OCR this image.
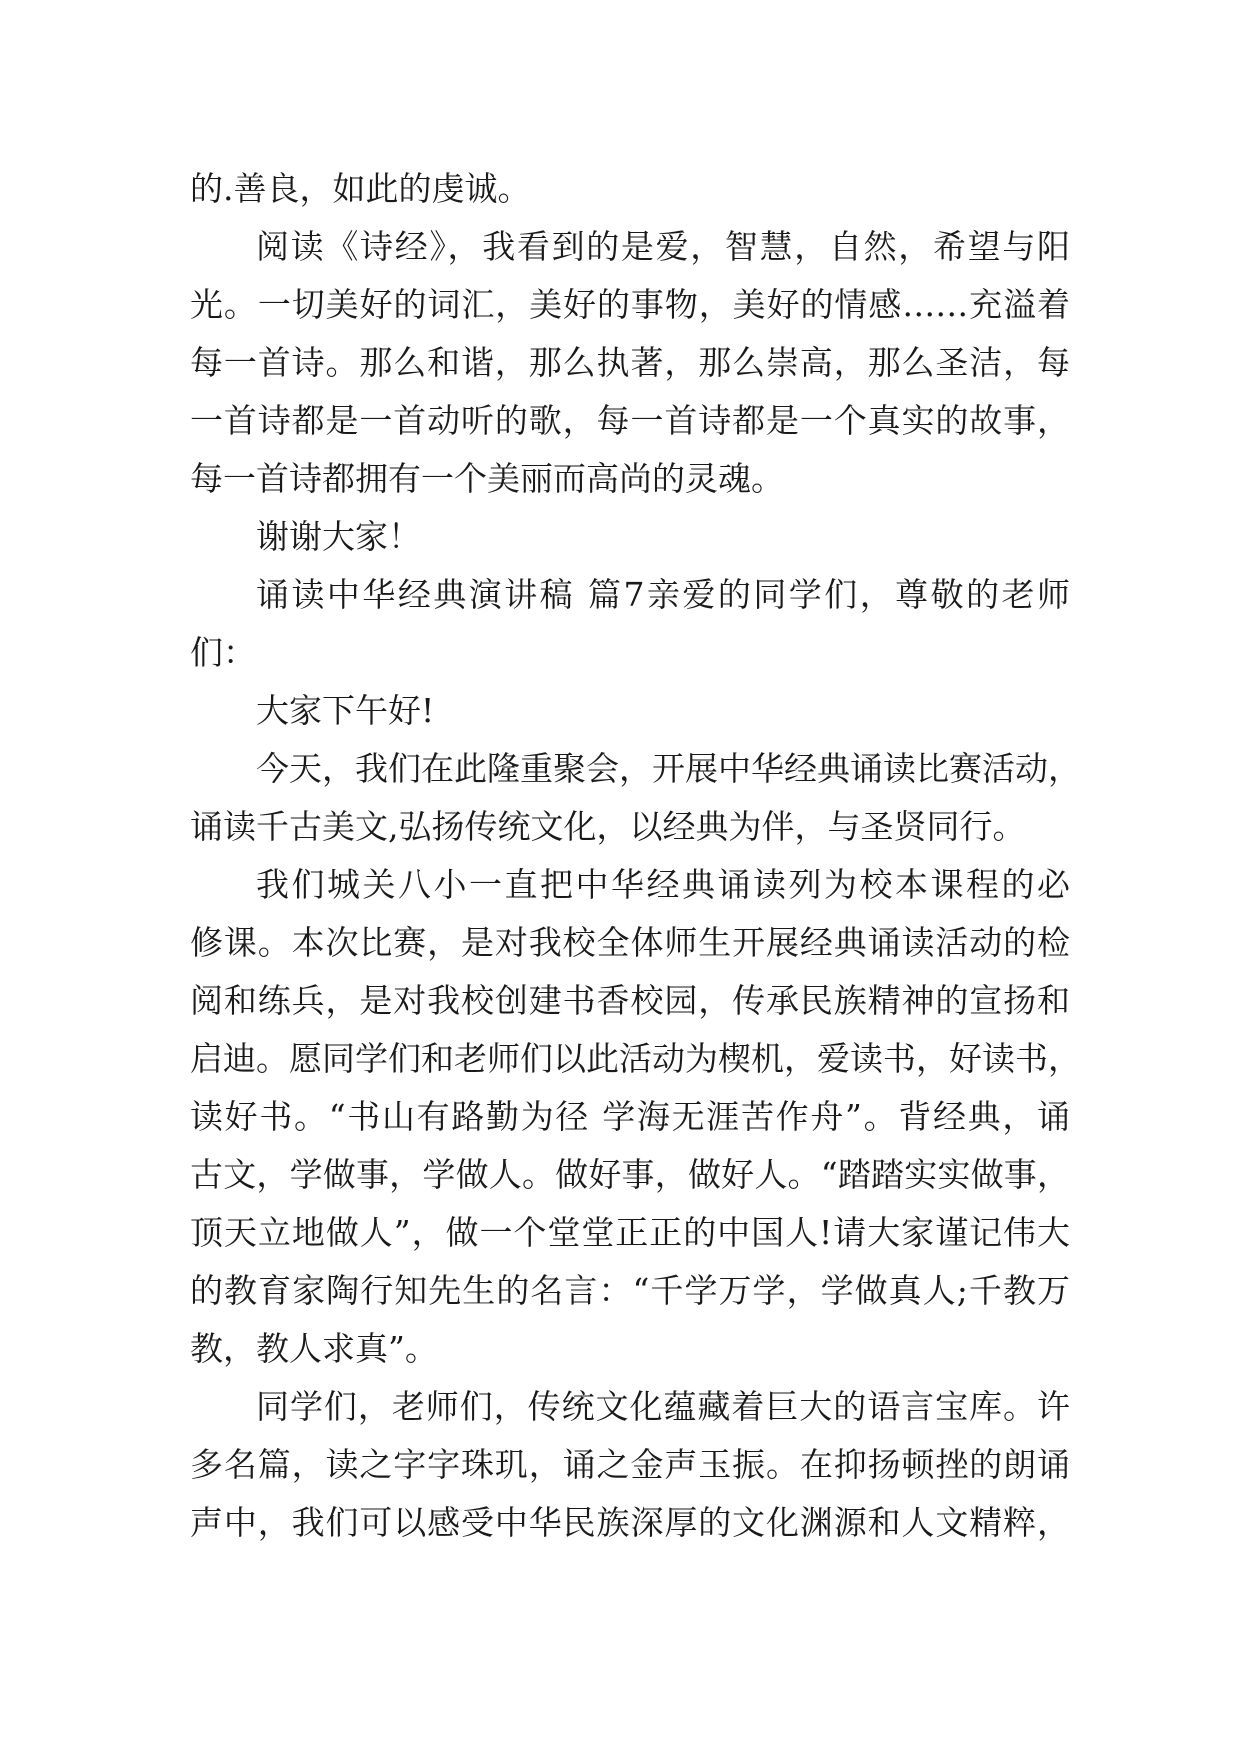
的.善良，如此的虔诚。

阅读《诗经》，我看到的是爱，智慧，自然，希望与阳

光。一切美好的词汇，美好的事物，美好的情感……充溢着

每一首诗。那么和谐，那么执著，那么崇高，那么圣洁，每

一首诗都是一首动听的歌，每一首诗都是一个真实的故事，

每一首诗都拥有一个美丽而高尚的灵魂。

谢谢大家！

诵读中华经典演讲稿 篇7亲爱的同学们，尊敬的老师

们：

大家下午好!

今天，我们在此隆重聚会，开展中华经典诵读比赛活动，

诵读千古美文,弘扬传统文化，以经典为伴，与圣贤同行。

我们城关八小一直把中华经典诵读列为校本课程的必

修课。本次比赛，是对我校全体师生开展经典诵读活动的检

阅和练兵，是对我校创建书香校园，传承民族精神的宣扬和

启迪。愿同学们和老师们以此活动为楔机，爱读书，好读书，

读好书。“书山有路勤为径 学海无涯苦作舟”。背经典，诵

古文，学做事，学做人。做好事，做好人。“踏踏实实做事，

顶天立地做人”，做一个堂堂正正的中国人!请大家谨记伟大

的教育家陶行知先生的名言：“千学万学，学做真人;千教万

教，教人求真”。

同学们，老师们，传统文化蕴藏着巨大的语言宝库。许

多名篇，读之字字珠玑，诵之金声玉振。在抑扬顿挫的朗诵

声中，我们可以感受中华民族深厚的文化渊源和人文精粹，
